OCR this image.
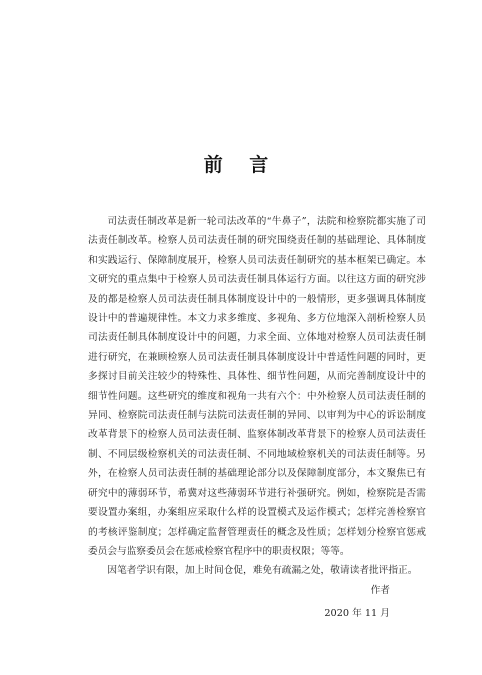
前 言

司法责任制改革是新一轮司法改革的“牛鼻子”，法院和检察院都实施了司法责任制改革。检察人员司法责任制的研究围绕责任制的基础理论、具体制度和实践运行、保障制度展开，检察人员司法责任制研究的基本框架已确定。本文研究的重点集中于检察人员司法责任制具体运行方面。以往这方面的研究涉及的都是检察人员司法责任制具体制度设计中的一般情形，更多强调具体制度设计中的普遍规律性。本文力求多维度、多视角、多方位地深入剖析检察人员司法责任制具体制度设计中的问题，力求全面、立体地对检察人员司法责任制进行研究，在兼顾检察人员司法责任制具体制度设计中普适性问题的同时，更多探讨目前关注较少的特殊性、具体性、细节性问题，从而完善制度设计中的细节性问题。这些研究的维度和视角一共有六个：中外检察人员司法责任制的异同、检察院司法责任制与法院司法责任制的异同、以审判为中心的诉讼制度改革背景下的检察人员司法责任制、监察体制改革背景下的检察人员司法责任制、不同层级检察机关的司法责任制、不同地域检察机关的司法责任制等。另外，在检察人员司法责任制的基础理论部分以及保障制度部分，本文聚焦已有研究中的薄弱环节，希冀对这些薄弱环节进行补强研究。例如，检察院是否需要设置办案组，办案组应采取什么样的设置模式及运作模式；怎样完善检察官的考核评鉴制度；怎样确定监督管理责任的概念及性质；怎样划分检察官惩戒委员会与监察委员会在惩戒检察官程序中的职责权限；等等。

因笔者学识有限，加上时间仓促，难免有疏漏之处，敬请读者批评指正。

作者
2020 年 11 月
